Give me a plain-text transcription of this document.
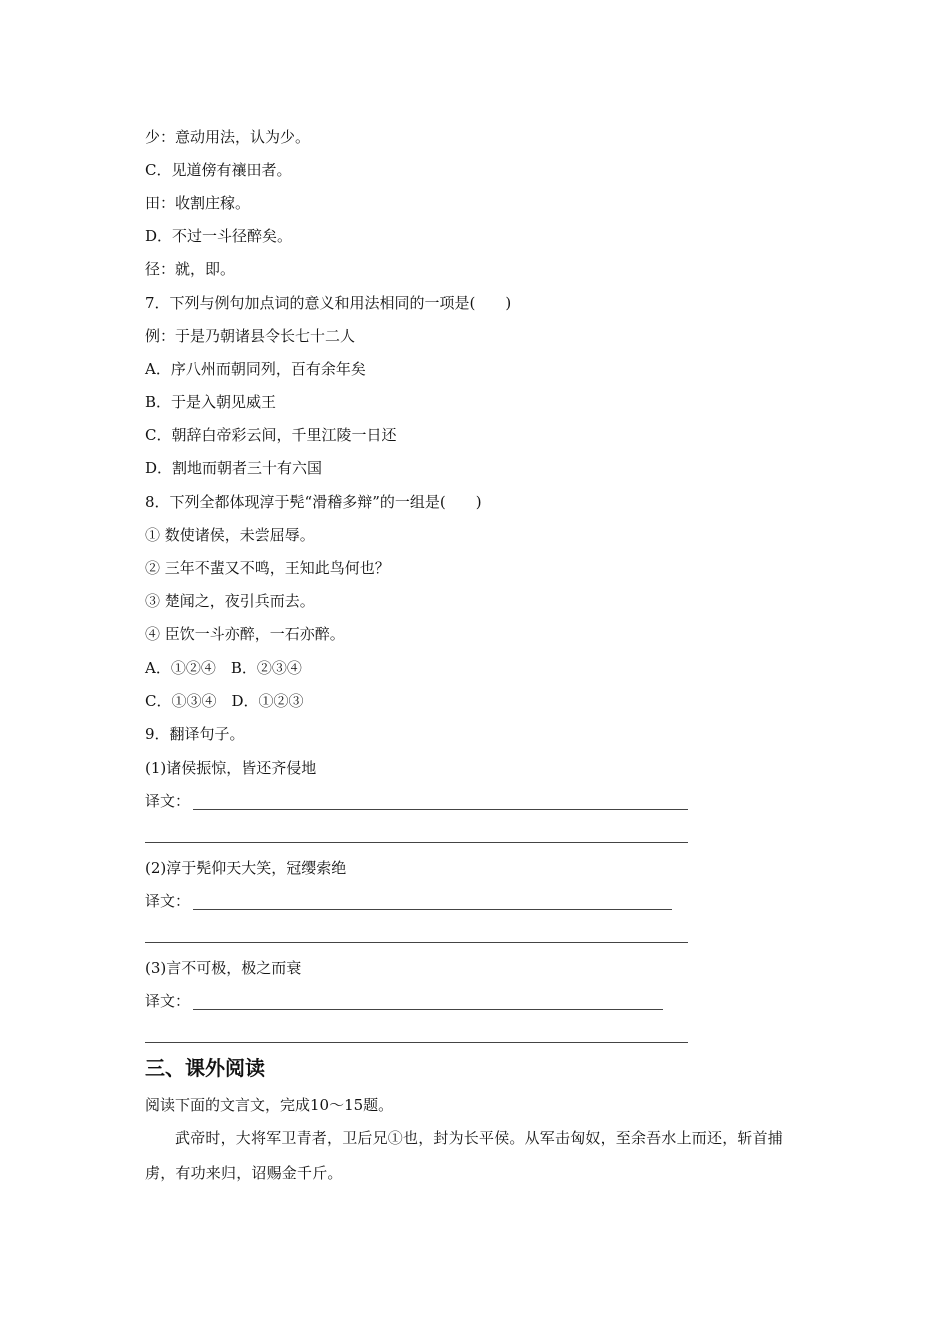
少：意动用法，认为少。
C．见道傍有禳田者。
田：收割庄稼。
D．不过一斗径醉矣。
径：就，即。
7．下列与例句加点词的意义和用法相同的一项是(　　)
例：于是乃朝诸县令长七十二人
A．序八州而朝同列，百有余年矣
B．于是入朝见威王
C．朝辞白帝彩云间，千里江陵一日还
D．割地而朝者三十有六国
8．下列全都体现淳于髡“滑稽多辩”的一组是(　　)
① 数使诸侯，未尝屈辱。
② 三年不蜚又不鸣，王知此鸟何也？
③ 楚闻之，夜引兵而去。
④ 臣饮一斗亦醉，一石亦醉。
A．①②④　B．②③④
C．①③④　D．①②③
9．翻译句子。
(1)诸侯振惊，皆还齐侵地
译文：
(2)淳于髡仰天大笑，冠缨索绝
译文：
(3)言不可极，极之而衰
译文：
三、课外阅读
阅读下面的文言文，完成10～15题。
武帝时，大将军卫青者，卫后兄①也，封为长平侯。从军击匈奴，至余吾水上而还，斩首捕虏，有功来归，诏赐金千斤。
